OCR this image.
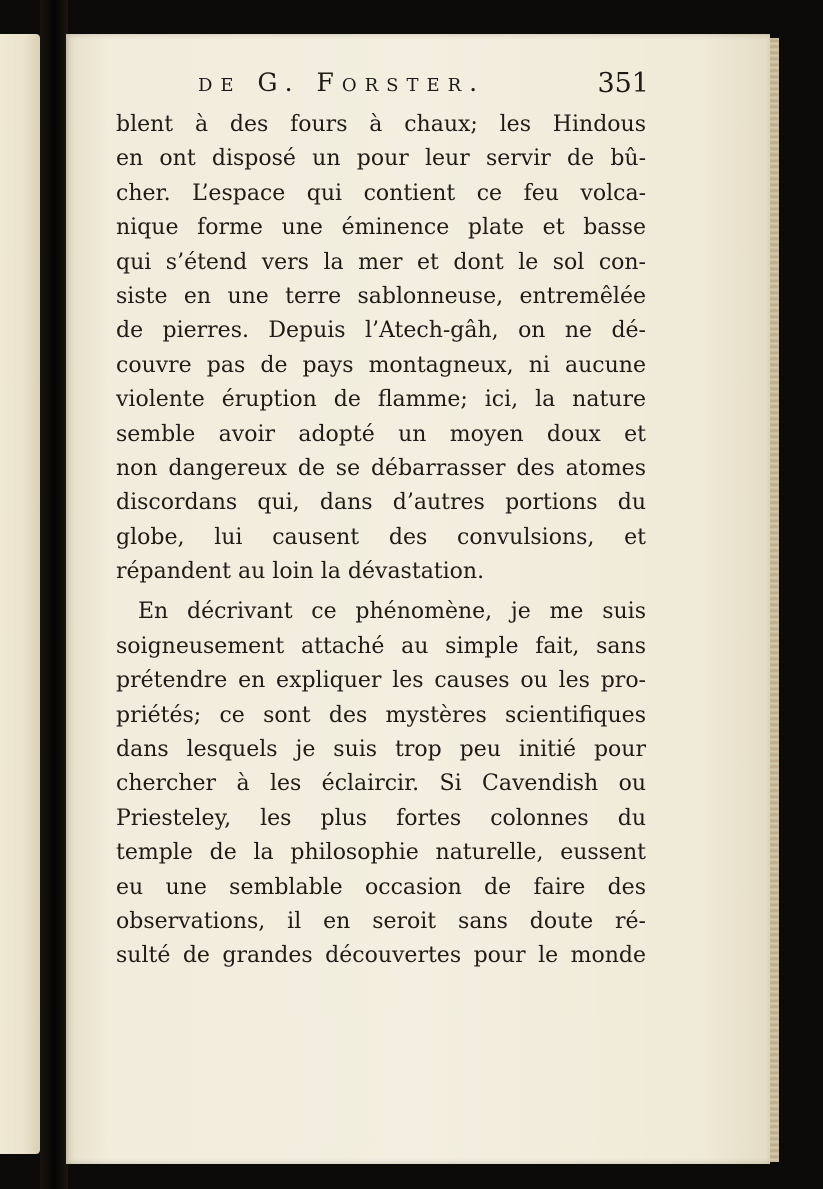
de G. Forster.	351
blent à des fours à chaux; les Hindous
en ont disposé un pour leur servir de bû-
cher. L’espace qui contient ce feu volca-
nique forme une éminence plate et basse
qui s’étend vers la mer et dont le sol con-
siste en une terre sablonneuse, entremêlée
de pierres. Depuis l’Atech-gâh, on ne dé-
couvre pas de pays montagneux, ni aucune
violente éruption de flamme; ici, la nature
semble avoir adopté un moyen doux et
non dangereux de se débarrasser des atomes
discordans qui, dans d’autres portions du
globe, lui causent des convulsions, et
répandent au loin la dévastation.
En décrivant ce phénomène, je me suis
soigneusement attaché au simple fait, sans
prétendre en expliquer les causes ou les pro-
priétés; ce sont des mystères scientifiques
dans lesquels je suis trop peu initié pour
chercher à les éclaircir. Si Cavendish ou
Priesteley, les plus fortes colonnes du
temple de la philosophie naturelle, eussent
eu une semblable occasion de faire des
observations, il en seroit sans doute ré-
sulté de grandes découvertes pour le monde
